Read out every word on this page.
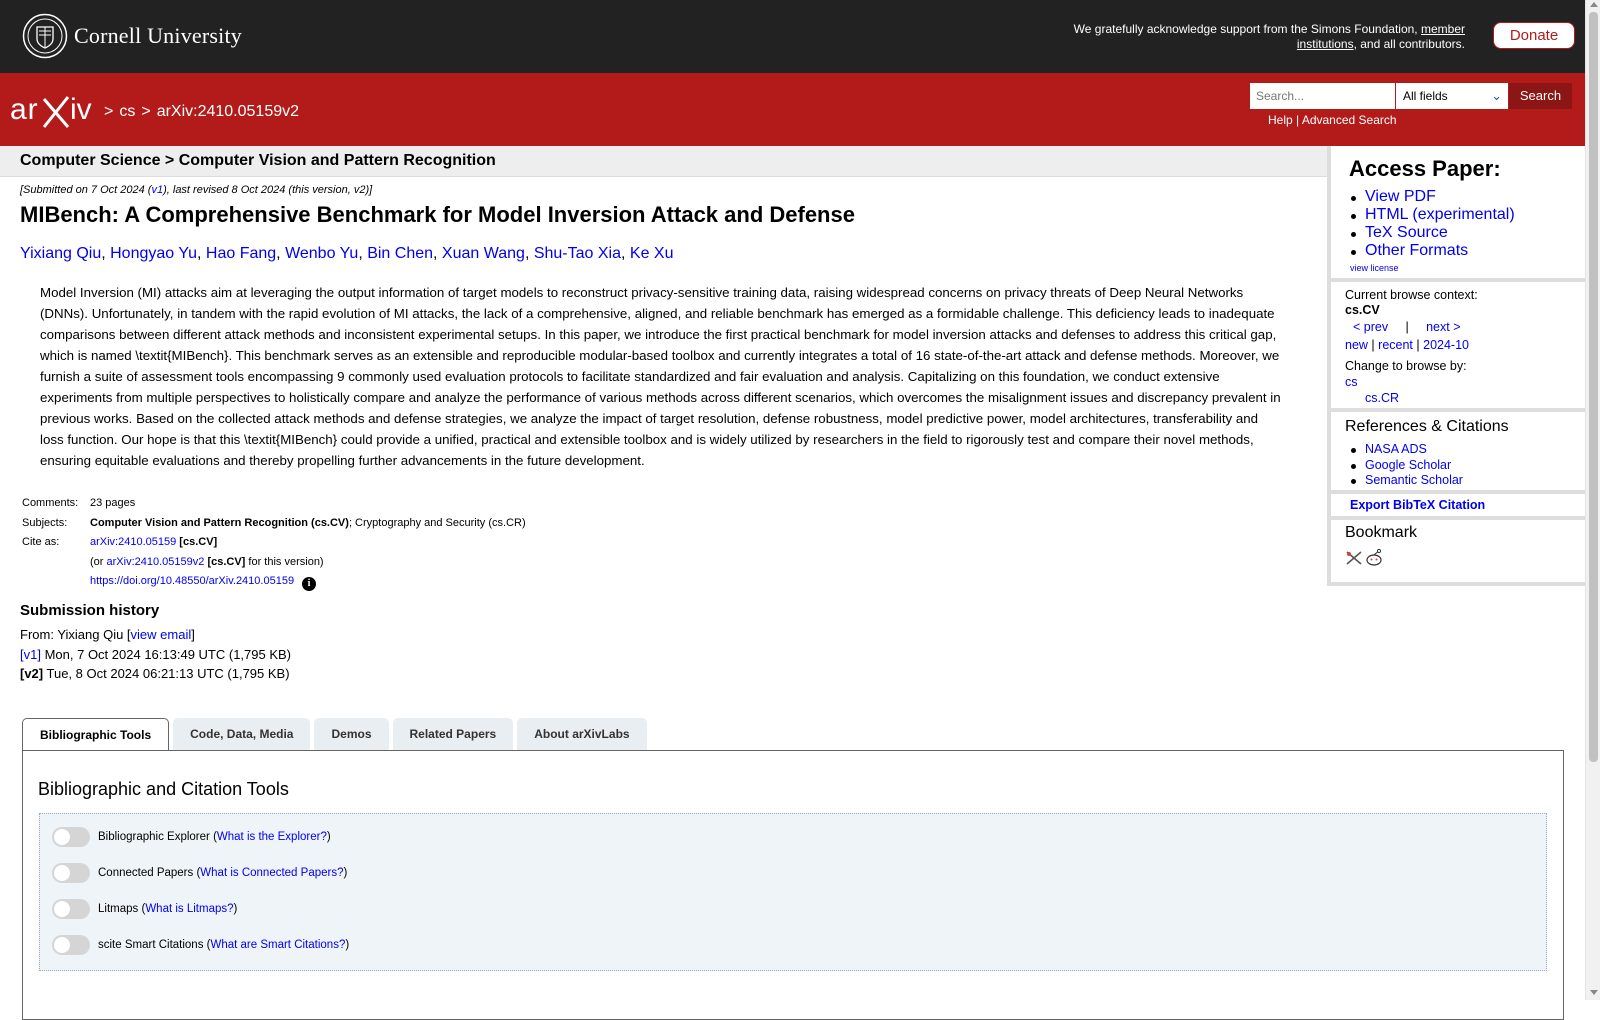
Cornell University	We gratefully acknowledge support from the Simons Foundation, member institutions, and all contributors.	Donate
ar iv > cs > arXiv:2410.05159v2
Search...	All fields	⌄	Search
Help | Advanced Search
Computer Science > Computer Vision and Pattern Recognition
[Submitted on 7 Oct 2024 (v1), last revised 8 Oct 2024 (this version, v2)]
MIBench: A Comprehensive Benchmark for Model Inversion Attack and Defense
Yixiang Qiu, Hongyao Yu, Hao Fang, Wenbo Yu, Bin Chen, Xuan Wang, Shu-Tao Xia, Ke Xu

Model Inversion (MI) attacks aim at leveraging the output information of target models to reconstruct privacy-sensitive training data, raising widespread concerns on privacy threats of Deep Neural Networks (DNNs). Unfortunately, in tandem with the rapid evolution of MI attacks, the lack of a comprehensive, aligned, and reliable benchmark has emerged as a formidable challenge. This deficiency leads to inadequate comparisons between different attack methods and inconsistent experimental setups. In this paper, we introduce the first practical benchmark for model inversion attacks and defenses to address this critical gap, which is named \textit{MIBench}. This benchmark serves as an extensible and reproducible modular-based toolbox and currently integrates a total of 16 state-of-the-art attack and defense methods. Moreover, we furnish a suite of assessment tools encompassing 9 commonly used evaluation protocols to facilitate standardized and fair evaluation and analysis. Capitalizing on this foundation, we conduct extensive experiments from multiple perspectives to holistically compare and analyze the performance of various methods across different scenarios, which overcomes the misalignment issues and discrepancy prevalent in previous works. Based on the collected attack methods and defense strategies, we analyze the impact of target resolution, defense robustness, model predictive power, model architectures, transferability and loss function. Our hope is that this \textit{MIBench} could provide a unified, practical and extensible toolbox and is widely utilized by researchers in the field to rigorously test and compare their novel methods, ensuring equitable evaluations and thereby propelling further advancements in the future development.

Comments:	23 pages
Subjects:	Computer Vision and Pattern Recognition (cs.CV); Cryptography and Security (cs.CR)
Cite as:	arXiv:2410.05159 [cs.CV]
(or arXiv:2410.05159v2 [cs.CV] for this version)
https://doi.org/10.48550/arXiv.2410.05159 i
Submission history
From: Yixiang Qiu [view email]
[v1] Mon, 7 Oct 2024 16:13:49 UTC (1,795 KB)
[v2] Tue, 8 Oct 2024 06:21:13 UTC (1,795 KB)
Bibliographic Tools	Code, Data, Media	Demos	Related Papers	About arXivLabs
Bibliographic and Citation Tools
Bibliographic Explorer ( What is the Explorer? )
Connected Papers ( What is Connected Papers? )
Litmaps ( What is Litmaps? )
scite Smart Citations ( What are Smart Citations? )
Access Paper:
View PDF
HTML (experimental)
TeX Source
Other Formats
view license
Current browse context:
cs.CV
< prev | next >
new | recent | 2024-10
Change to browse by:
cs
cs.CR
References & Citations
NASA ADS
Google Scholar
Semantic Scholar
Export BibTeX Citation
Bookmark
